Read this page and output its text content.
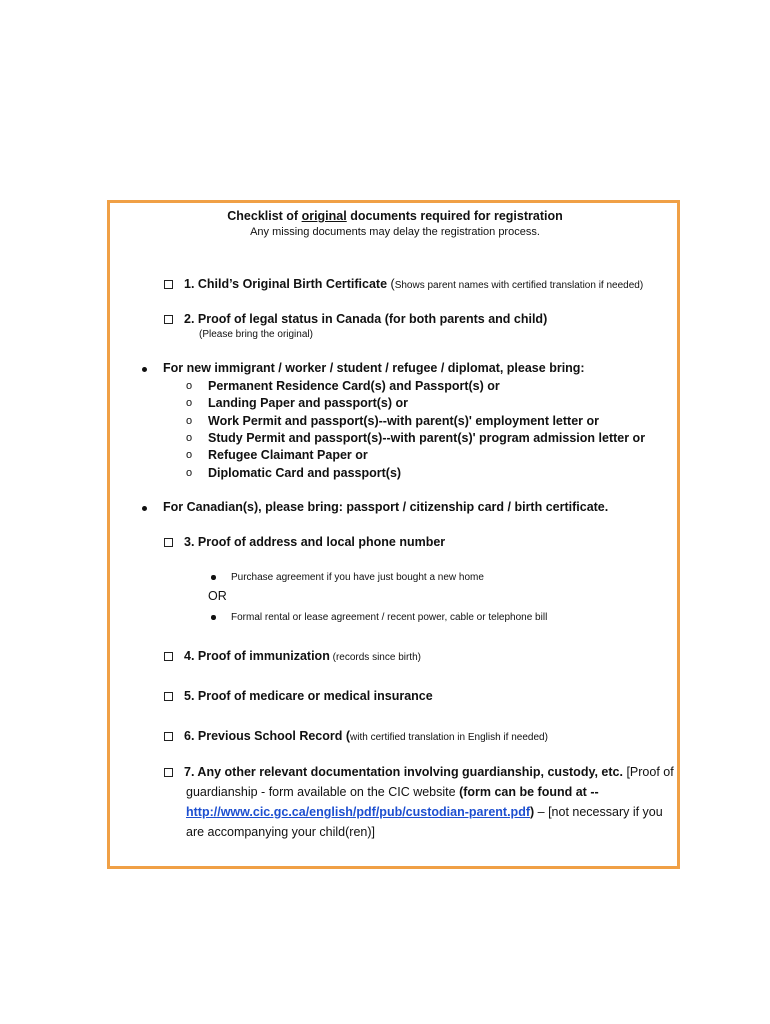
Checklist of original documents required for registration
Any missing documents may delay the registration process.
1. Child’s Original Birth Certificate (Shows parent names with certified translation if needed)
2. Proof of legal status in Canada (for both parents and child)
(Please bring the original)
For new immigrant / worker / student / refugee / diplomat, please bring:
o Permanent Residence Card(s) and Passport(s) or
o Landing Paper and passport(s) or
o Work Permit and passport(s)--with parent(s)' employment letter or
o Study Permit and passport(s)--with parent(s)' program admission letter or
o Refugee Claimant Paper or
o Diplomatic Card and passport(s)
For Canadian(s), please bring: passport / citizenship card / birth certificate.
3. Proof of address and local phone number
Purchase agreement if you have just bought a new home
OR
Formal rental or lease agreement / recent power, cable or telephone bill
4. Proof of immunization (records since birth)
5. Proof of medicare or medical insurance
6. Previous School Record (with certified translation in English if needed)
7. Any other relevant documentation involving guardianship, custody, etc. [Proof of
guardianship - form available on the CIC website (form can be found at --
http://www.cic.gc.ca/english/pdf/pub/custodian-parent.pdf) – [not necessary if you
are accompanying your child(ren)]
